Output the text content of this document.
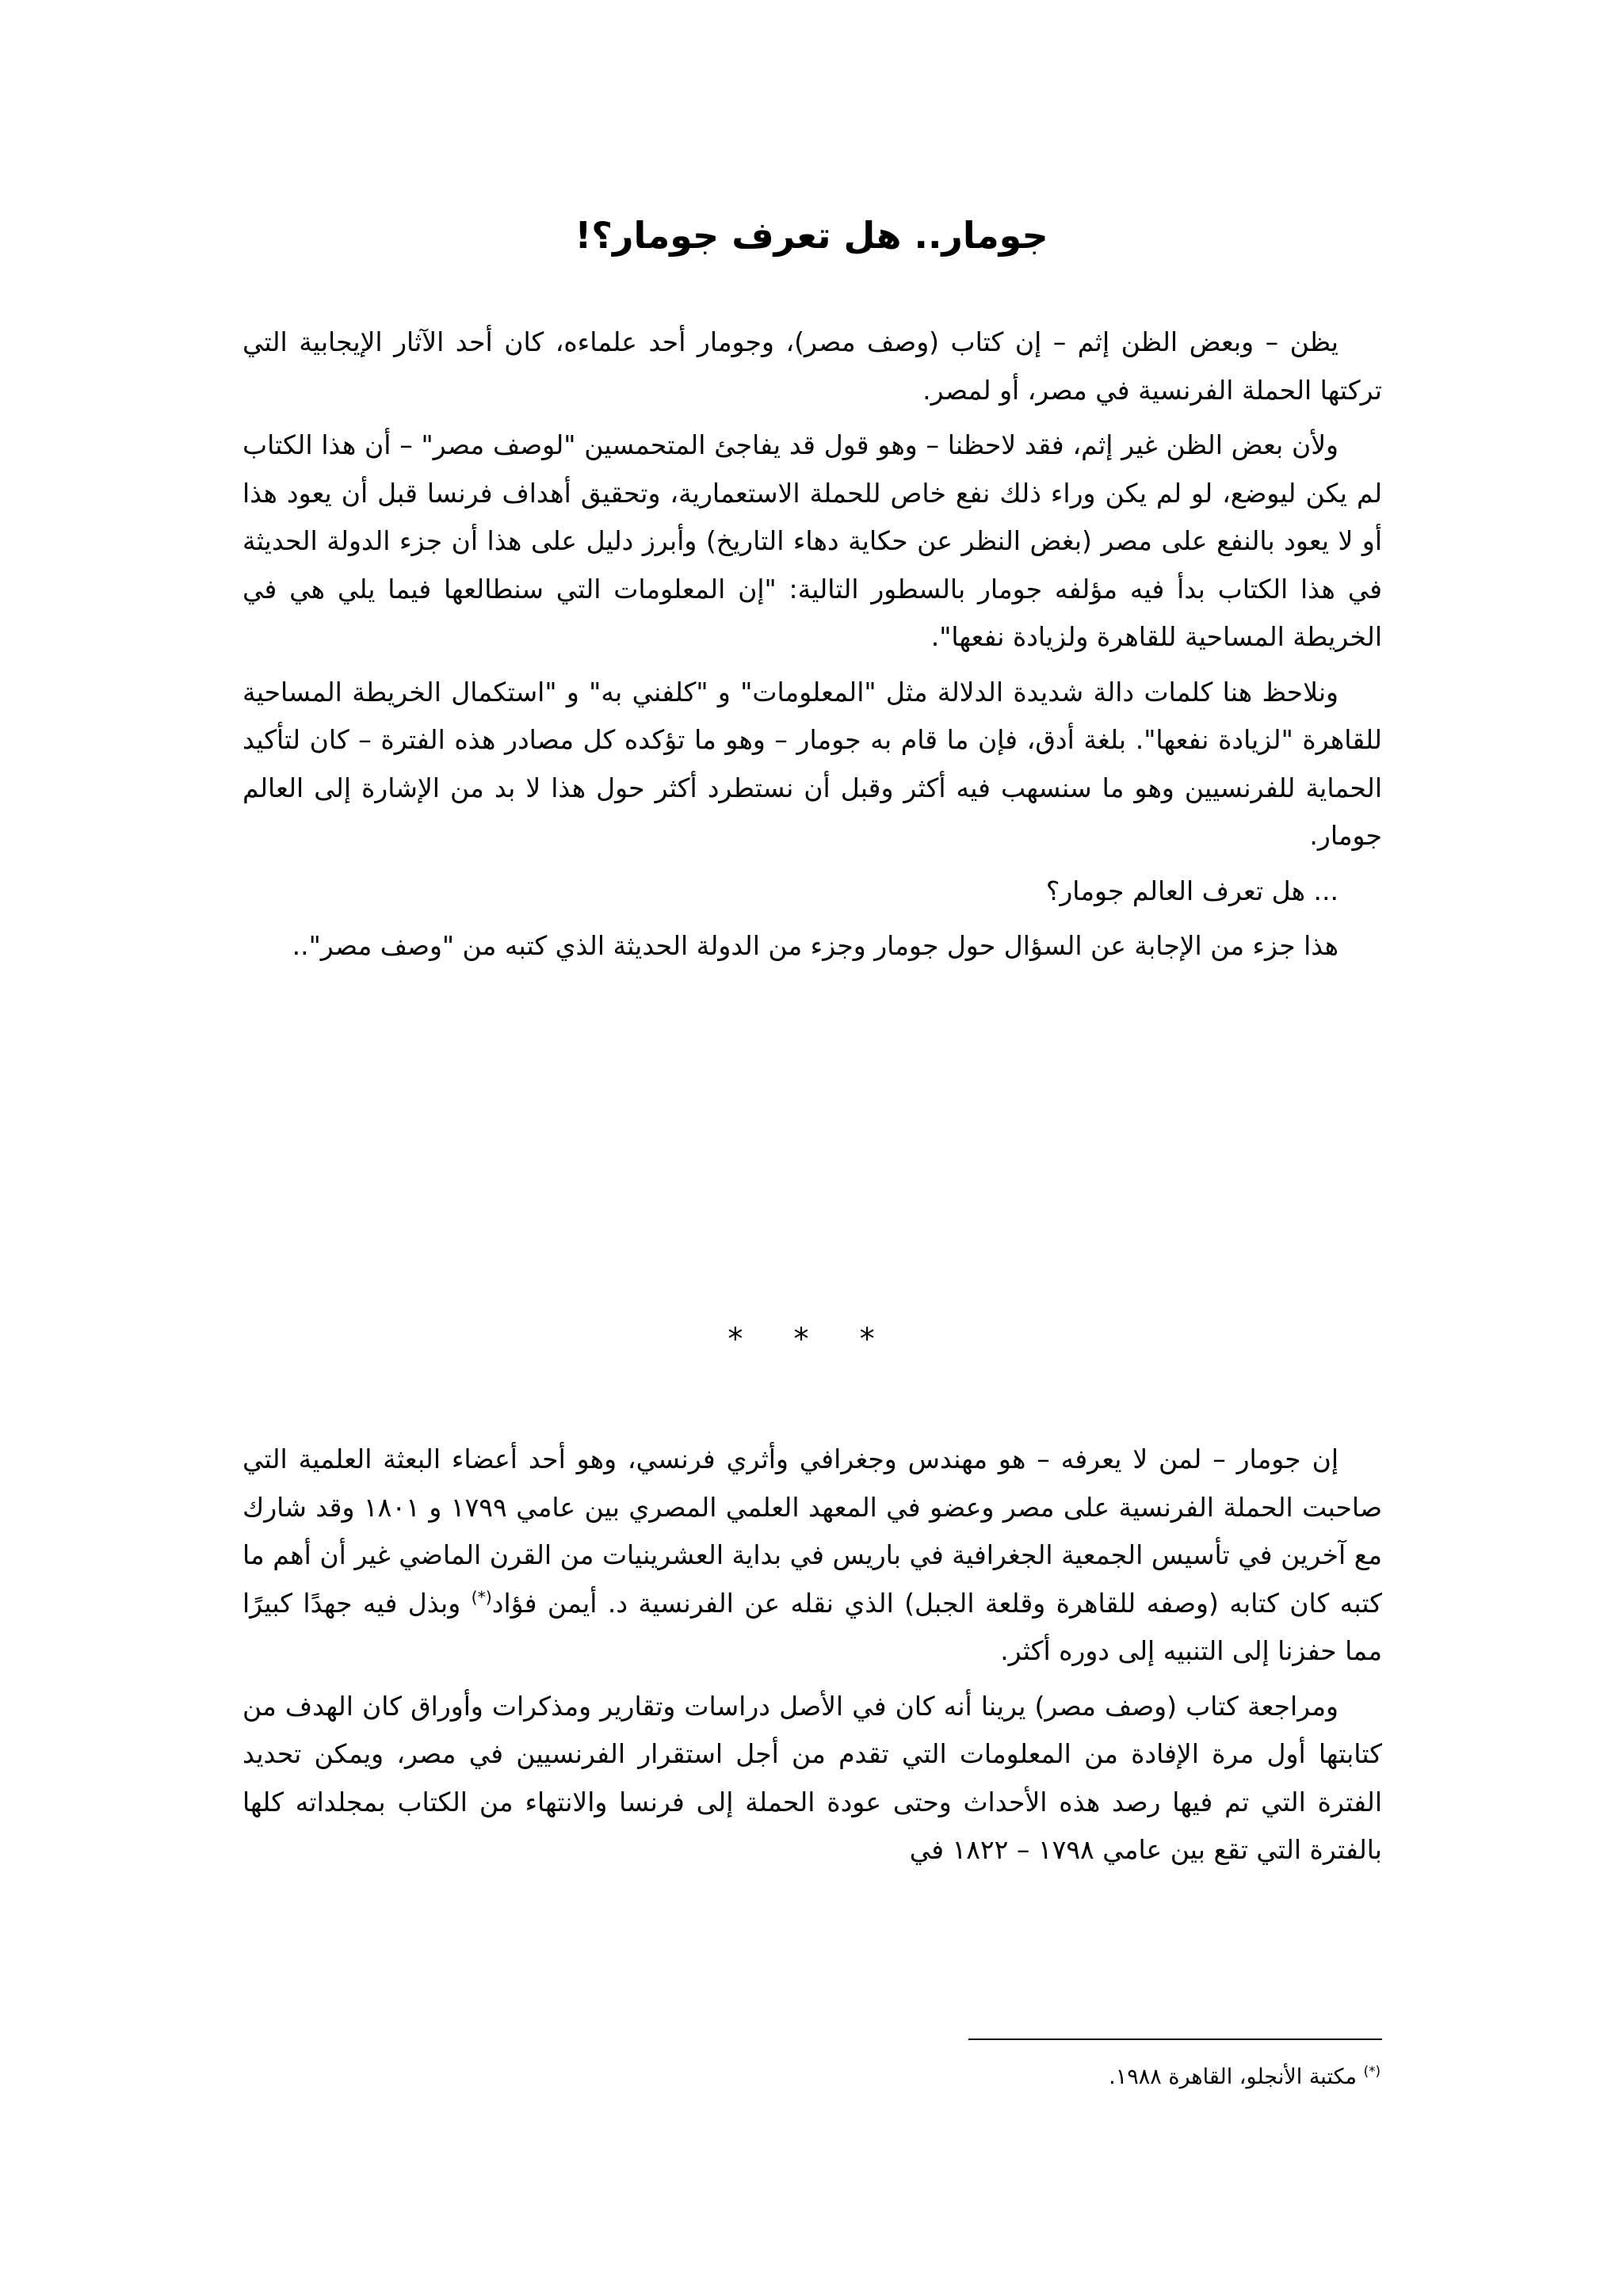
جومار.. هل تعرف جومار؟!

يظن – وبعض الظن إثم – إن كتاب (وصف مصر)، وجومار أحد علماءه، كان أحد الآثار الإيجابية التي تركتها الحملة الفرنسية في مصر، أو لمصر.

ولأن بعض الظن غير إثم، فقد لاحظنا – وهو قول قد يفاجئ المتحمسين "لوصف مصر" – أن هذا الكتاب لم يكن ليوضع، لو لم يكن وراء ذلك نفع خاص للحملة الاستعمارية، وتحقيق أهداف فرنسا قبل أن يعود هذا أو لا يعود بالنفع على مصر (بغض النظر عن حكاية دهاء التاريخ) وأبرز دليل على هذا أن جزء الدولة الحديثة في هذا الكتاب بدأ فيه مؤلفه جومار بالسطور التالية: "إن المعلومات التي سنطالعها فيما يلي هي في الخريطة المساحية للقاهرة ولزيادة نفعها".

ونلاحظ هنا كلمات دالة شديدة الدلالة مثل "المعلومات" و "كلفني به" و "استكمال الخريطة المساحية للقاهرة "لزيادة نفعها". بلغة أدق، فإن ما قام به جومار – وهو ما تؤكده كل مصادر هذه الفترة – كان لتأكيد الحماية للفرنسيين وهو ما سنسهب فيه أكثر وقبل أن نستطرد أكثر حول هذا لا بد من الإشارة إلى العالم جومار.

... هل تعرف العالم جومار؟

هذا جزء من الإجابة عن السؤال حول جومار وجزء من الدولة الحديثة الذي كتبه من "وصف مصر"..

* * *

إن جومار – لمن لا يعرفه – هو مهندس وجغرافي وأثري فرنسي، وهو أحد أعضاء البعثة العلمية التي صاحبت الحملة الفرنسية على مصر وعضو في المعهد العلمي المصري بين عامي ١٧٩٩ و ١٨٠١ وقد شارك مع آخرين في تأسيس الجمعية الجغرافية في باريس في بداية العشرينيات من القرن الماضي غير أن أهم ما كتبه كان كتابه (وصفه للقاهرة وقلعة الجبل) الذي نقله عن الفرنسية د. أيمن فؤاد(*) وبذل فيه جهدًا كبيرًا مما حفزنا إلى التنبيه إلى دوره أكثر.

ومراجعة كتاب (وصف مصر) يرينا أنه كان في الأصل دراسات وتقارير ومذكرات وأوراق كان الهدف من كتابتها أول مرة الإفادة من المعلومات التي تقدم من أجل استقرار الفرنسيين في مصر، ويمكن تحديد الفترة التي تم فيها رصد هذه الأحداث وحتى عودة الحملة إلى فرنسا والانتهاء من الكتاب بمجلداته كلها بالفترة التي تقع بين عامي ١٧٩٨ – ١٨٢٢ في

(*) مكتبة الأنجلو، القاهرة ١٩٨٨.
